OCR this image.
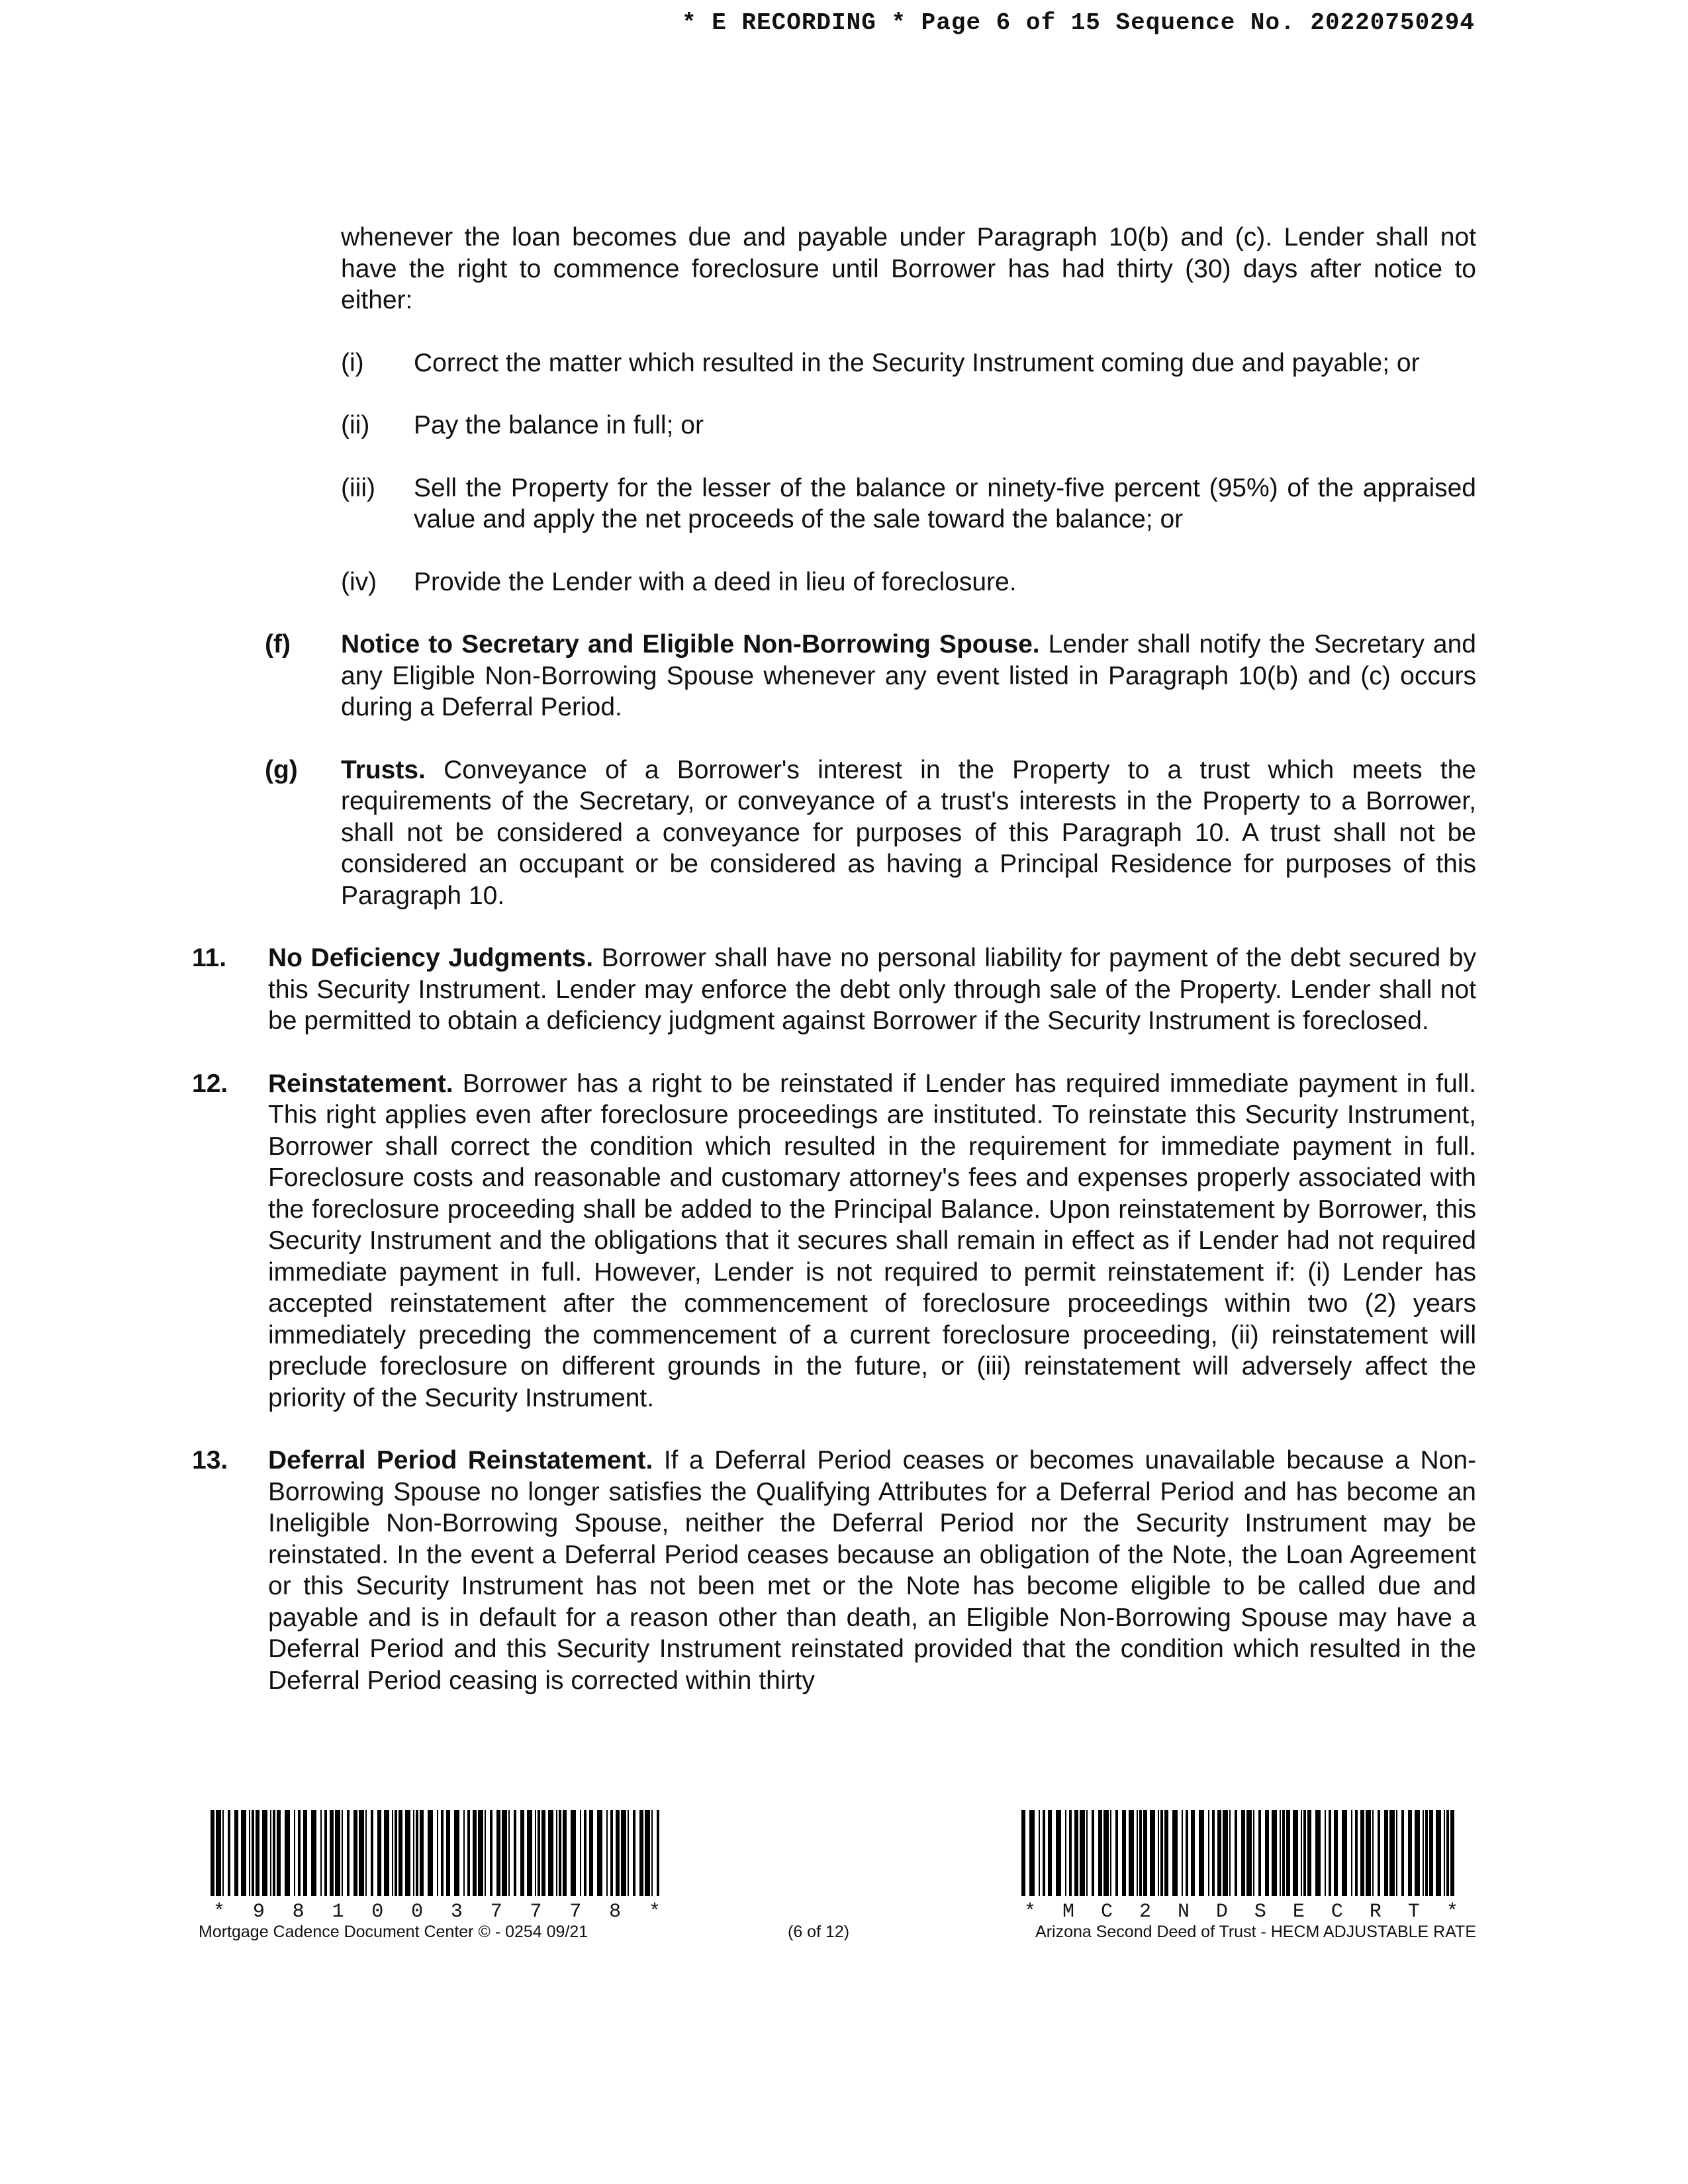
* E RECORDING * Page 6 of 15 Sequence No. 20220750294

whenever the loan becomes due and payable under Paragraph 10(b) and (c). Lender shall not have the right to commence foreclosure until Borrower has had thirty (30) days after notice to either:

(i)	Correct the matter which resulted in the Security Instrument coming due and payable; or
(ii)	Pay the balance in full; or
(iii)	Sell the Property for the lesser of the balance or ninety-five percent (95%) of the appraised value and apply the net proceeds of the sale toward the balance; or
(iv)	Provide the Lender with a deed in lieu of foreclosure.
(f)	Notice to Secretary and Eligible Non-Borrowing Spouse. Lender shall notify the Secretary and any Eligible Non-Borrowing Spouse whenever any event listed in Paragraph 10(b) and (c) occurs during a Deferral Period.
(g)	Trusts. Conveyance of a Borrower's interest in the Property to a trust which meets the requirements of the Secretary, or conveyance of a trust's interests in the Property to a Borrower, shall not be considered a conveyance for purposes of this Paragraph 10. A trust shall not be considered an occupant or be considered as having a Principal Residence for purposes of this Paragraph 10.
11.	No Deficiency Judgments. Borrower shall have no personal liability for payment of the debt secured by this Security Instrument. Lender may enforce the debt only through sale of the Property. Lender shall not be permitted to obtain a deficiency judgment against Borrower if the Security Instrument is foreclosed.
12.	Reinstatement. Borrower has a right to be reinstated if Lender has required immediate payment in full. This right applies even after foreclosure proceedings are instituted. To reinstate this Security Instrument, Borrower shall correct the condition which resulted in the requirement for immediate payment in full. Foreclosure costs and reasonable and customary attorney's fees and expenses properly associated with the foreclosure proceeding shall be added to the Principal Balance. Upon reinstatement by Borrower, this Security Instrument and the obligations that it secures shall remain in effect as if Lender had not required immediate payment in full. However, Lender is not required to permit reinstatement if: (i) Lender has accepted reinstatement after the commencement of foreclosure proceedings within two (2) years immediately preceding the commencement of a current foreclosure proceeding, (ii) reinstatement will preclude foreclosure on different grounds in the future, or (iii) reinstatement will adversely affect the priority of the Security Instrument.
13.	Deferral Period Reinstatement. If a Deferral Period ceases or becomes unavailable because a Non-Borrowing Spouse no longer satisfies the Qualifying Attributes for a Deferral Period and has become an Ineligible Non-Borrowing Spouse, neither the Deferral Period nor the Security Instrument may be reinstated. In the event a Deferral Period ceases because an obligation of the Note, the Loan Agreement or this Security Instrument has not been met or the Note has become eligible to be called due and payable and is in default for a reason other than death, an Eligible Non-Borrowing Spouse may have a Deferral Period and this Security Instrument reinstated provided that the condition which resulted in the Deferral Period ceasing is corrected within thirty
* 9 8 1 0 0 3 7 7 7 8 *	* M C 2 N D S E C R T *
Mortgage Cadence Document Center © - 0254 09/21	(6 of 12)	Arizona Second Deed of Trust - HECM ADJUSTABLE RATE
